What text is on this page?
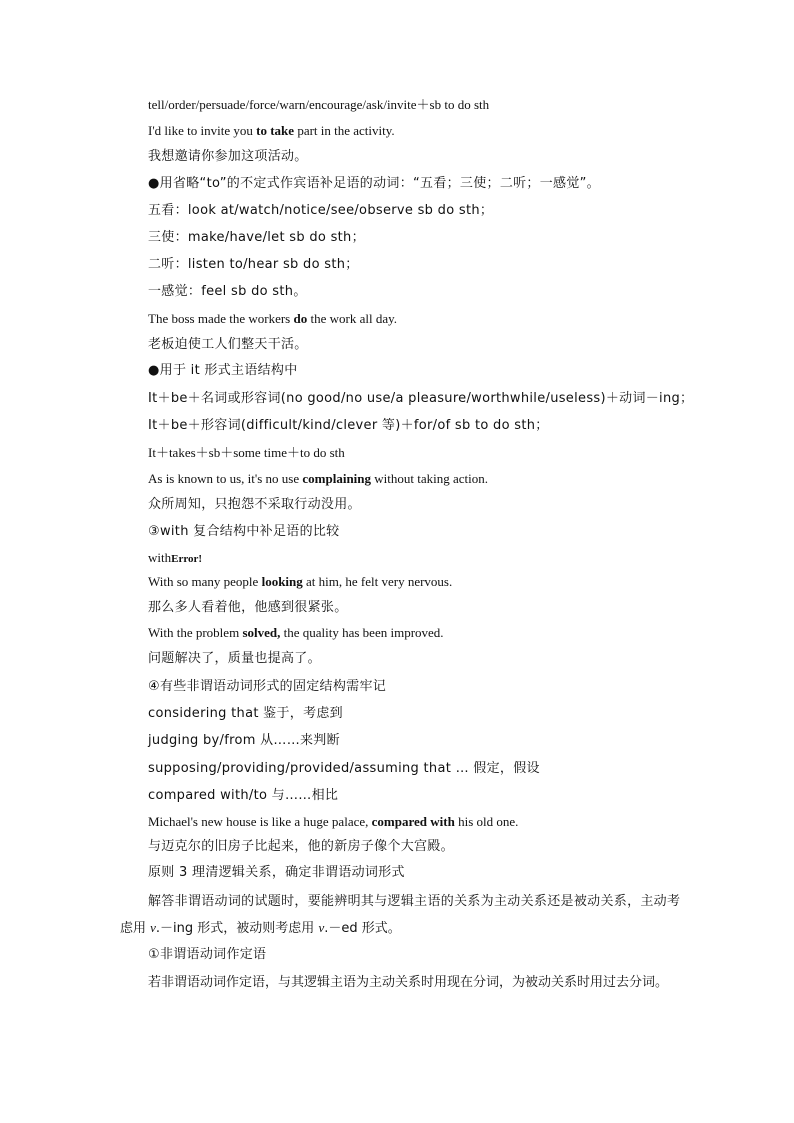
tell/order/persuade/force/warn/encourage/ask/invite＋sb to do sth
I'd like to invite you to take part in the activity.
我想邀请你参加这项活动。
●用省略“to”的不定式作宾语补足语的动词：“五看；三使；二听；一感觉”。
五看：look at/watch/notice/see/observe sb do sth；
三使：make/have/let sb do sth；
二听：listen to/hear sb do sth；
一感觉：feel sb do sth。
The boss made the workers do the work all day.
老板迫使工人们整天干活。
●用于 it 形式主语结构中
It＋be＋名词或形容词(no good/no use/a pleasure/worthwhile/useless)＋动词－ing；
It＋be＋形容词(difficult/kind/clever 等)＋for/of sb to do sth；
It＋takes＋sb＋some time＋to do sth
As is known to us, it's no use complaining without taking action.
众所周知，只抱怨不采取行动没用。
③with 复合结构中补足语的比较
withError!
With so many people looking at him, he felt very nervous.
那么多人看着他，他感到很紧张。
With the problem solved, the quality has been improved.
问题解决了，质量也提高了。
④有些非谓语动词形式的固定结构需牢记
considering that 鉴于，考虑到
judging by/from 从……来判断
supposing/providing/provided/assuming that … 假定，假设
compared with/to 与……相比
Michael's new house is like a huge palace, compared with his old one.
与迈克尔的旧房子比起来，他的新房子像个大宫殿。
原则 3 理清逻辑关系，确定非谓语动词形式
解答非谓语动词的试题时，要能辨明其与逻辑主语的关系为主动关系还是被动关系，主动考虑用 v.－ing 形式，被动则考虑用 v.－ed 形式。
①非谓语动词作定语
若非谓语动词作定语，与其逻辑主语为主动关系时用现在分词，为被动关系时用过去分词。
